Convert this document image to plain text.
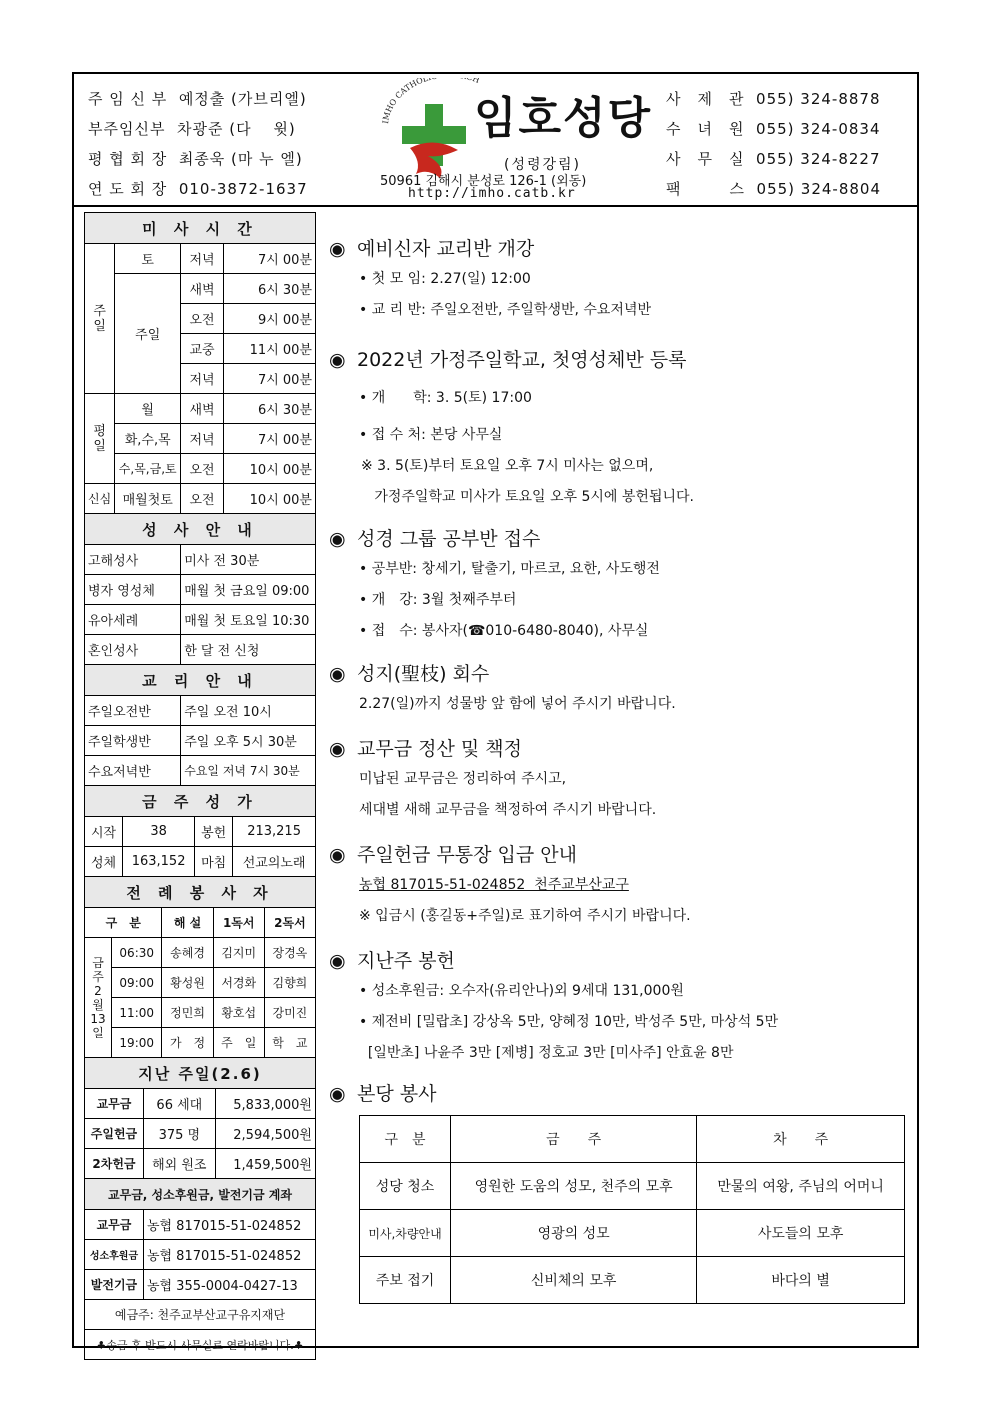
주 임 신 부 예정출 (가브리엘)
부주임신부 차광준 (다　 윗)
평 협 회 장 최종욱 (마 누 엘)
연 도 회 장 010-3872-1637
IMHO CATHOL H
임호성당
(성령강림)
50961 김해시 분성로 126-1 (외동)
http://imho.catb.kr
사　제　관 055) 324-8878
수　녀　원 055) 324-0834
사　무　실 055) 324-8227
팩　　　스 055) 324-8804
미 사 시 간			
주
일	토	저녁	7시 00분
	주일	새벽	6시 30분
		오전	9시 00분
		교중	11시 00분
		저녁	7시 00분
평
일	월	새벽	6시 30분
	화,수,목	저녁	7시 00분
	수,목,금,토	오전	10시 00분
신심	매월첫토	오전	10시 00분
성 사 안 내			
고해성사		미사 전 30분	
병자 영성체		매월 첫 금요일 09:00	
유아세례		매월 첫 토요일 10:30	
혼인성사		한 달 전 신청	
교 리 안 내			
주일오전반		주일 오전 10시	
주일학생반		주일 오후 5시 30분	
수요저녁반		수요일 저녁 7시 30분	
금 주 성 가			
시작	38	봉헌	213,215
성체	163,152	마침	선교의노래
전 례 봉 사 자				
구　분		해 설	1독서	2독서
금주
2
월
13
일	06:30	송혜경	김지미	장경옥
	09:00	황성원	서경화	김향희
	11:00	정민희	황호섭	강미진
	19:00	가　정	주　일	학　교
지난 주일(2.6)		
교무금	66 세대	5,833,000원
주일헌금	375 명	2,594,500원
2차헌금	해외 원조	1,459,500원
교무금, 성소후원금, 발전기금 계좌		
교무금	농협 817015-51-024852	
성소후원금	농협 817015-51-024852	
발전기금	농협 355-0004-0427-13	
예금주: 천주교부산교구유지재단		
♣송금 후 반드시 사무실로 연락바랍니다.♣		
◉ 예비신자 교리반 개강
• 첫 모 임: 2.27(일) 12:00
• 교 리 반: 주일오전반, 주일학생반, 수요저녁반
◉ 2022년 가정주일학교, 첫영성체반 등록
• 개　　학: 3. 5(토) 17:00
• 접 수 처: 본당 사무실
※ 3. 5(토)부터 토요일 오후 7시 미사는 없으며,
가정주일학교 미사가 토요일 오후 5시에 봉헌됩니다.
◉ 성경 그룹 공부반 접수
• 공부반: 창세기, 탈출기, 마르코, 요한, 사도행전
• 개　강: 3월 첫째주부터
• 접　수: 봉사자(☎010-6480-8040), 사무실
◉ 성지(聖枝) 회수
2.27(일)까지 성물방 앞 함에 넣어 주시기 바랍니다.
◉ 교무금 정산 및 책정
미납된 교무금은 정리하여 주시고,
세대별 새해 교무금을 책정하여 주시기 바랍니다.
◉ 주일헌금 무통장 입금 안내
농협 817015-51-024852  천주교부산교구
※ 입금시 (홍길동+주일)로 표기하여 주시기 바랍니다.
◉ 지난주 봉헌
• 성소후원금: 오수자(유리안나)외 9세대 131,000원
• 제전비 [밀랍초] 강상옥 5만, 양혜정 10만, 박성주 5만, 마상석 5만
[일반초] 나윤주 3만 [제병] 정호교 3만 [미사주] 안효윤 8만
◉ 본당 봉사
구　분	금　　주	차　　주
성당 청소	영원한 도움의 성모, 천주의 모후	만물의 여왕, 주님의 어머니
미사,차량안내	영광의 성모	사도들의 모후
주보 접기	신비체의 모후	바다의 별
